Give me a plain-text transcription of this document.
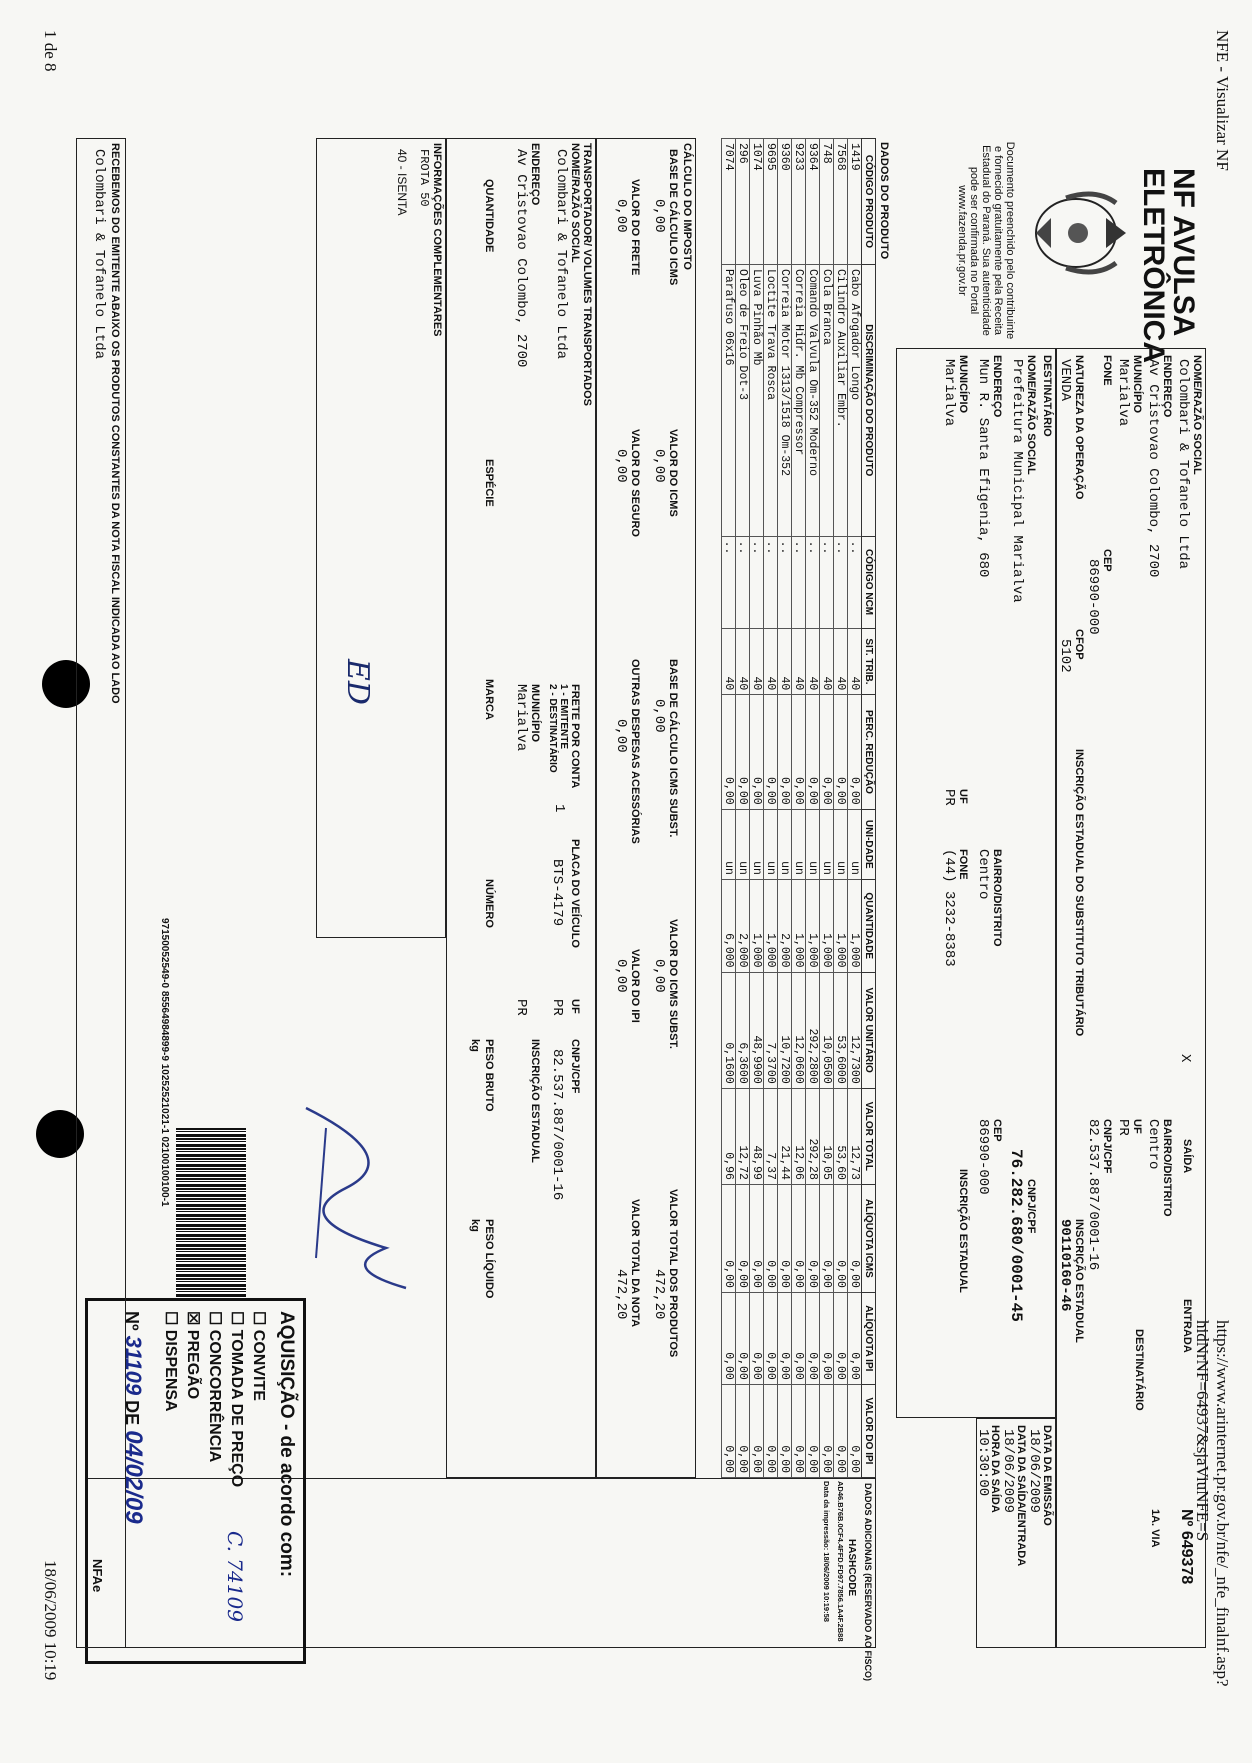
NFE - Visualizar NF
https://www.arinternet.pr.gov.br/nfe/_nfe_finalnf.asp?hidNrNF=64937&sjaViuNFE=S
NF AVULSA
ELETRÔNICA
Documento preenchido pelo contribuinte e fornecido gratuitamente pela Receita Estadual do Paraná. Sua autenticidade pode ser confirmada no Portal www.fazenda.pr.gov.br
NOME/RAZÃO SOCIAL
Colombari & Tofanelo Ltda
ENDEREÇO
Av Cristovao Colombo, 2700
BAIRRO/DISTRITO
Centro
MUNICÍPIO
Marialva
UF
PR
FONE
CEP
86990-000
CNPJ/CPF
82.537.887/0001-16
X
SAÍDA
ENTRADA
Nº 649378
1A. VIA
DESTINATÁRIO
NATUREZA DA OPERAÇÃO
VENDA
CFOP
5102
INSCRIÇÃO ESTADUAL DO SUBSTITUTO TRIBUTÁRIO
INSCRIÇÃO ESTADUAL
90110160-46
DATA DA EMISSÃO
18/06/2009
DATA DA SAÍDA/ENTRADA
18/06/2009
HORA DA SAÍDA
10:30:00
DESTINATÁRIO
NOME/RAZÃO SOCIAL
Prefeitura Municipal Marialva
CNPJ/CPF
76.282.680/0001-45
ENDEREÇO
Mun R. Santa Efigenia, 680
BAIRRO/DISTRITO
Centro
CEP
86990-000
MUNICÍPIO
Marialva
UF
PR
FONE
(44) 3232-8383
INSCRIÇÃO ESTADUAL
DADOS DO PRODUTO
CÓDIGO PRODUTO	DISCRIMINAÇÃO DO PRODUTO	CÓDIGO NCM	SIT. TRIB.	PERC. REDUÇÃO	UNI-DADE	QUANTIDADE	VALOR UNITÁRIO	VALOR TOTAL	ALÍQUOTA ICMS	ALÍQUOTA IPI	VALOR DO IPI
1419	Cabo Afogador Longo	..	40	0,00	un	1,000	12,7300	12,73	0,00	0,00	0,00
7568	Cilindro Auxiliar Embr.	..	40	0,00	un	1,000	53,6000	53,60	0,00	0,00	0,00
748	Cola Branca	..	40	0,00	un	1,000	10,0500	10,05	0,00	0,00	0,00
9364	Comando Valvula Om-352 Moderno	..	40	0,00	un	1,000	292,2800	292,28	0,00	0,00	0,00
9233	Correia Hidr. Mb Compressor	..	40	0,00	un	1,000	12,0600	12,06	0,00	0,00	0,00
9360	Correia Motor 1313/1518 Om-352	..	40	0,00	un	2,000	10,7200	21,44	0,00	0,00	0,00
9695	Loctite Trava Rosca	..	40	0,00	un	1,000	7,3700	7,37	0,00	0,00	0,00
1074	Luva Pinhão Mb	..	40	0,00	un	1,000	48,9900	48,99	0,00	0,00	0,00
296	Oleo de Freio Dot-3	..	40	0,00	un	2,000	6,3600	12,72	0,00	0,00	0,00
7074	Parafuso 06x16	..	40	0,00	un	6,000	0,1600	0,96	0,00	0,00	0,00
DADOS ADICIONAIS (RESERVADO AO FISCO)
HASHCODE
AD46.B76B.0CF4.4FFD.FD97.7856.1A4F.2B88
Data da impressão: 18/06/2009 10:19:58
CÁLCULO DO IMPOSTO
BASE DE CÁLCULO ICMS
0,00
VALOR DO ICMS
0,00
BASE DE CÁLCULO ICMS SUBST.
0,00
VALOR DO ICMS SUBST.
0,00
VALOR TOTAL DOS PRODUTOS
472,20
VALOR DO FRETE
0,00
VALOR DO SEGURO
0,00
OUTRAS DESPESAS ACESSÓRIAS
0,00
VALOR DO IPI
0,00
VALOR TOTAL DA NOTA
472,20
TRANSPORTADOR/ VOLUMES TRANSPORTADOS
NOME/RAZÃO SOCIAL
Colombari & Tofanelo Ltda
FRETE POR CONTA
1 - EMITENTE
2 - DESTINATÁRIO
1
PLACA DO VEÍCULO
BTS-4179
UF
PR
CNPJ/CPF
82.537.887/0001-16
ENDEREÇO
Av Cristovao Colombo, 2700
MUNICÍPIO
Marialva
PR
INSCRIÇÃO ESTADUAL
QUANTIDADE
ESPÉCIE
MARCA
NÚMERO
PESO BRUTO
kg
PESO LÍQUIDO
kg
INFORMAÇÕES COMPLEMENTARES
FROTA 50
40 - ISENTA
ED
97150052549-0 85564984899-9 10252521021-1 02100100100-1
AQUISIÇÃO - de acordo com:
☐ CONVITE
☐ TOMADA DE PREÇO
☐ CONCORRÊNCIA
☒ PREGÃO
☐ DISPENSA
Nº 31109 DE 04/02/09
C. 74109
RECEBEMOS DO EMITENTE ABAIXO OS PRODUTOS CONSTANTES DA NOTA FISCAL INDICADA AO LADO
Colombari & Tofanelo Ltda
NFAe
1 de 8
18/06/2009 10:19
